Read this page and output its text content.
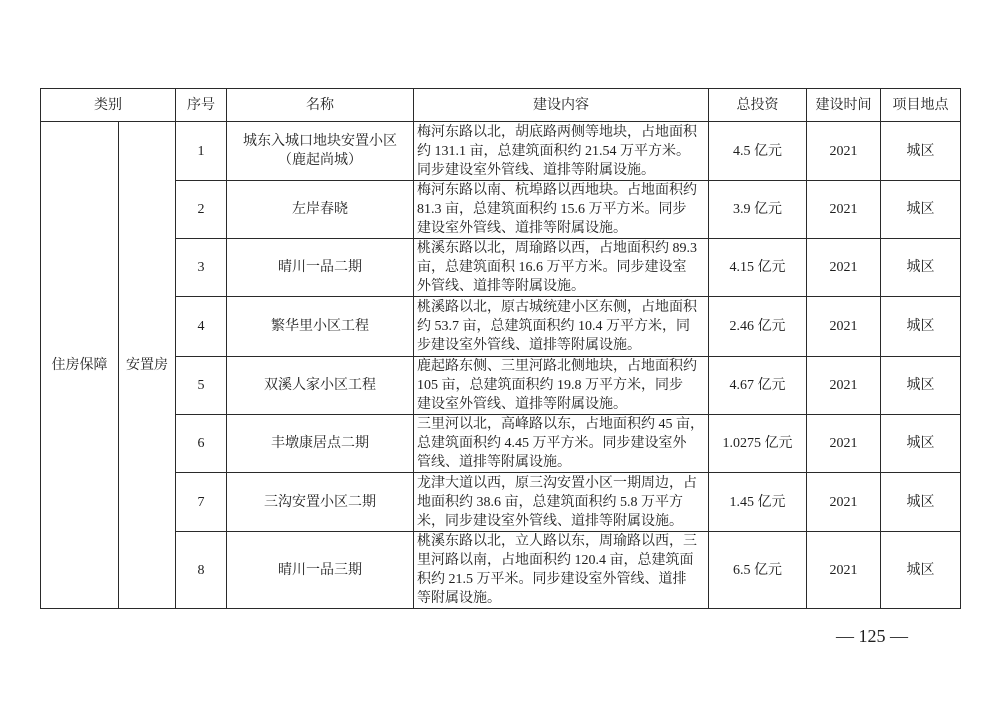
类别		序号	名称	建设内容	总投资	建设时间	项目地点
住房保障	安置房	1	城东入城口地块安置小区
（鹿起尚城）	梅河东路以北，胡底路两侧等地块，占地面积
约 131.1 亩，总建筑面积约 21.54 万平方米。
同步建设室外管线、道排等附属设施。	4.5 亿元	2021	城区
		2	左岸春晓	梅河东路以南、杭埠路以西地块。占地面积约
81.3 亩，总建筑面积约 15.6 万平方米。同步
建设室外管线、道排等附属设施。	3.9 亿元	2021	城区
		3	晴川一品二期	桃溪东路以北，周瑜路以西，占地面积约 89.3
亩，总建筑面积 16.6 万平方米。同步建设室
外管线、道排等附属设施。	4.15 亿元	2021	城区
		4	繁华里小区工程	桃溪路以北，原古城统建小区东侧，占地面积
约 53.7 亩，总建筑面积约 10.4 万平方米，同
步建设室外管线、道排等附属设施。	2.46 亿元	2021	城区
		5	双溪人家小区工程	鹿起路东侧、三里河路北侧地块，占地面积约
105 亩，总建筑面积约 19.8 万平方米，同步
建设室外管线、道排等附属设施。	4.67 亿元	2021	城区
		6	丰墩康居点二期	三里河以北，高峰路以东，占地面积约 45 亩，
总建筑面积约 4.45 万平方米。同步建设室外
管线、道排等附属设施。	1.0275 亿元	2021	城区
		7	三沟安置小区二期	龙津大道以西，原三沟安置小区一期周边，占
地面积约 38.6 亩，总建筑面积约 5.8 万平方
米，同步建设室外管线、道排等附属设施。	1.45 亿元	2021	城区
		8	晴川一品三期	桃溪东路以北，立人路以东，周瑜路以西，三
里河路以南，占地面积约 120.4 亩，总建筑面
积约 21.5 万平米。同步建设室外管线、道排
等附属设施。	6.5 亿元	2021	城区
— 125 —
